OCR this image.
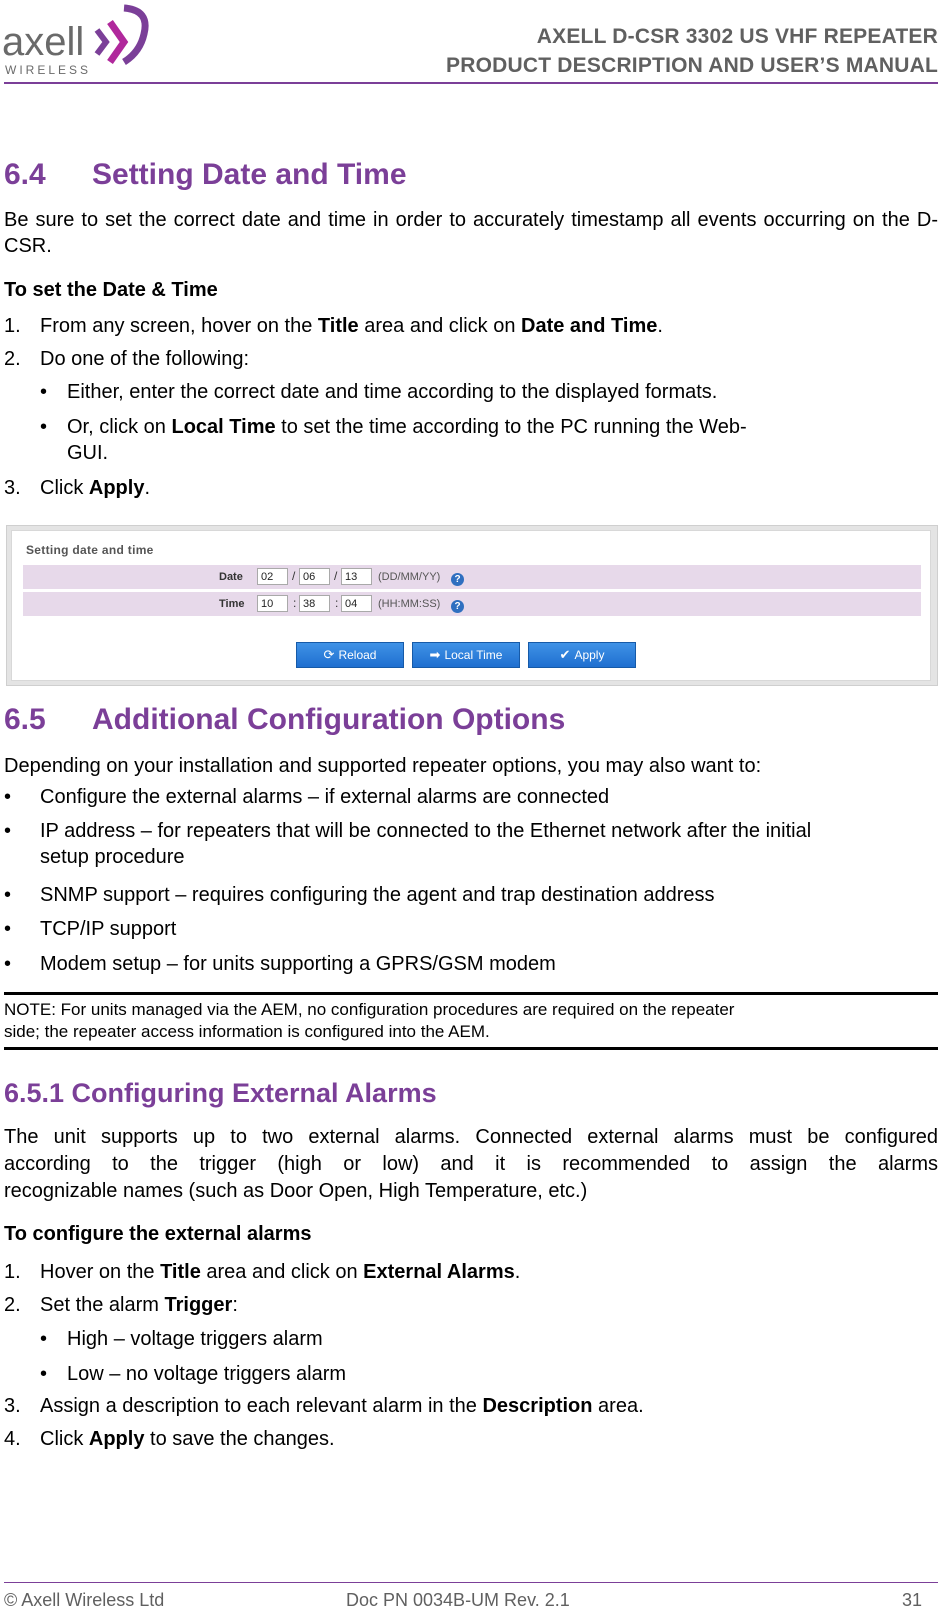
axell
WIRELESS
AXELL D-CSR 3302 US VHF REPEATER
PRODUCT DESCRIPTION AND USER’S MANUAL
6.4 Setting Date and Time
Be sure to set the correct date and time in order to accurately timestamp all events occurring on the D-CSR.
To set the Date & Time
1. From any screen, hover on the Title area and click on Date and Time.
2. Do one of the following:
• Either, enter the correct date and time according to the displayed formats.
• Or, click on Local Time to set the time according to the PC running the Web-
GUI.
3. Click Apply.
Setting date and time
Date	02	/ 06	/ 13	(DD/MM/YY)	?
Time	10	: 38	: 04	(HH:MM:SS)	?
⟳ Reload	➡ Local Time	✔ Apply
6.5 Additional Configuration Options
Depending on your installation and supported repeater options, you may also want to:
• Configure the external alarms – if external alarms are connected
• IP address – for repeaters that will be connected to the Ethernet network after the initial
setup procedure
• SNMP support – requires configuring the agent and trap destination address
• TCP/IP support
• Modem setup – for units supporting a GPRS/GSM modem
NOTE: For units managed via the AEM, no configuration procedures are required on the repeater
side; the repeater access information is configured into the AEM.
6.5.1 Configuring External Alarms
The unit supports up to two external alarms. Connected external alarms must be configured
according to the trigger (high or low) and it is recommended to assign the alarms
recognizable names (such as Door Open, High Temperature, etc.)
To configure the external alarms
1. Hover on the Title area and click on External Alarms.
2. Set the alarm Trigger:
• High – voltage triggers alarm
• Low – no voltage triggers alarm
3. Assign a description to each relevant alarm in the Description area.
4. Click Apply to save the changes.
© Axell Wireless Ltd	Doc PN 0034B-UM Rev. 2.1	31
